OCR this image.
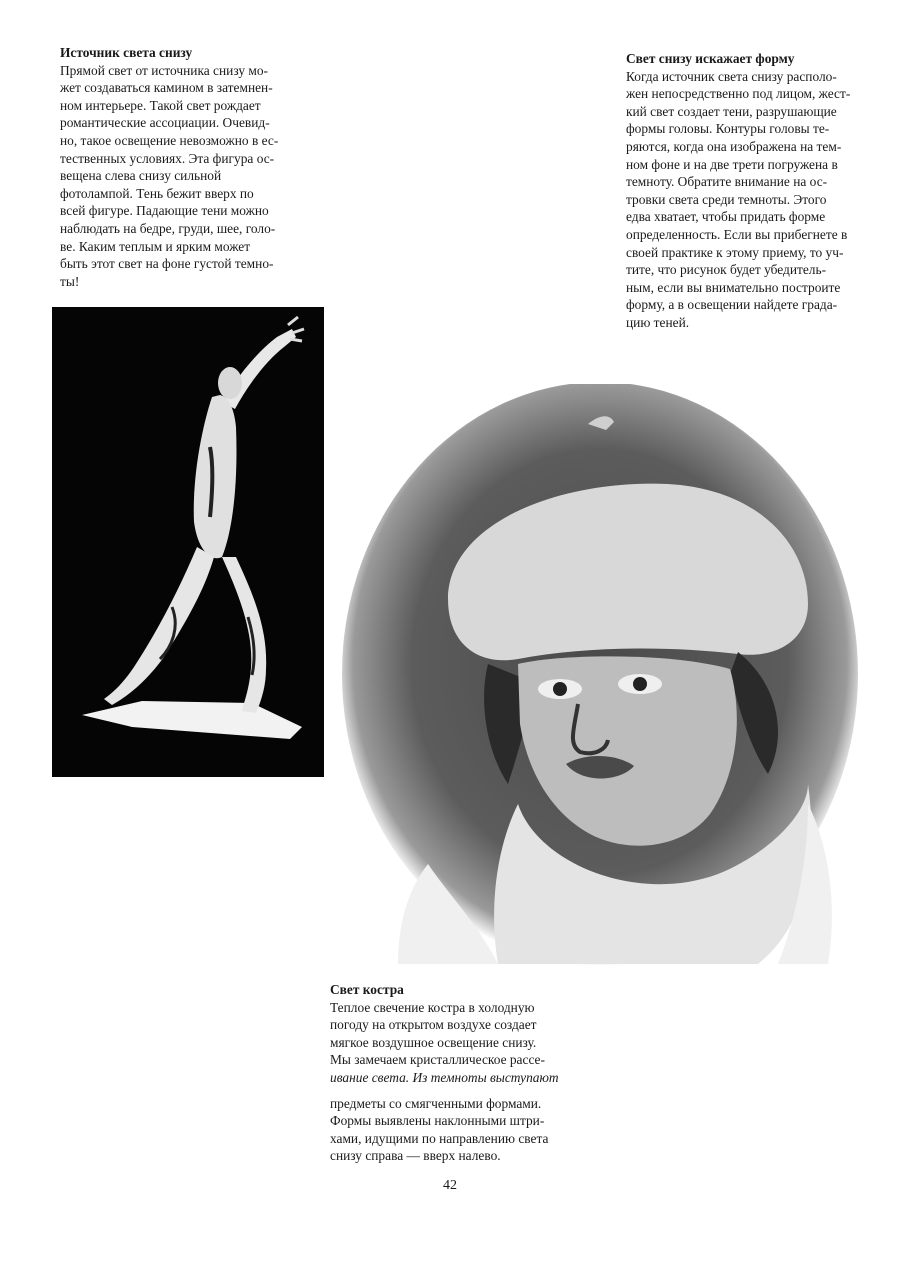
Источник света снизу
Прямой свет от источника снизу мо-
жет создаваться камином в затемнен-
ном интерьере. Такой свет рождает
романтические ассоциации. Очевид-
но, такое освещение невозможно в ес-
тественных условиях. Эта фигура ос-
вещена слева снизу сильной
фотолампой. Тень бежит вверх по
всей фигуре. Падающие тени можно
наблюдать на бедре, груди, шее, голо-
ве. Каким теплым и ярким может
быть этот свет на фоне густой темно-
ты!
Свет снизу искажает форму
Когда источник света снизу располо-
жен непосредственно под лицом, жест-
кий свет создает тени, разрушающие
формы головы. Контуры головы те-
ряются, когда она изображена на тем-
ном фоне и на две трети погружена в
темноту. Обратите внимание на ос-
тровки света среди темноты. Этого
едва хватает, чтобы придать форме
определенность. Если вы прибегнете в
своей практике к этому приему, то уч-
тите, что рисунок будет убедитель-
ным, если вы внимательно построите
форму, а в освещении найдете града-
цию теней.
Свет костра
Теплое свечение костра в холодную
погоду на открытом воздухе создает
мягкое воздушное освещение снизу.
Мы замечаем кристаллическое рассе-
ивание света. Из темноты выступают
предметы со смягченными формами.
Формы выявлены наклонными штри-
хами, идущими по направлению света
снизу справа — вверх налево.
42
